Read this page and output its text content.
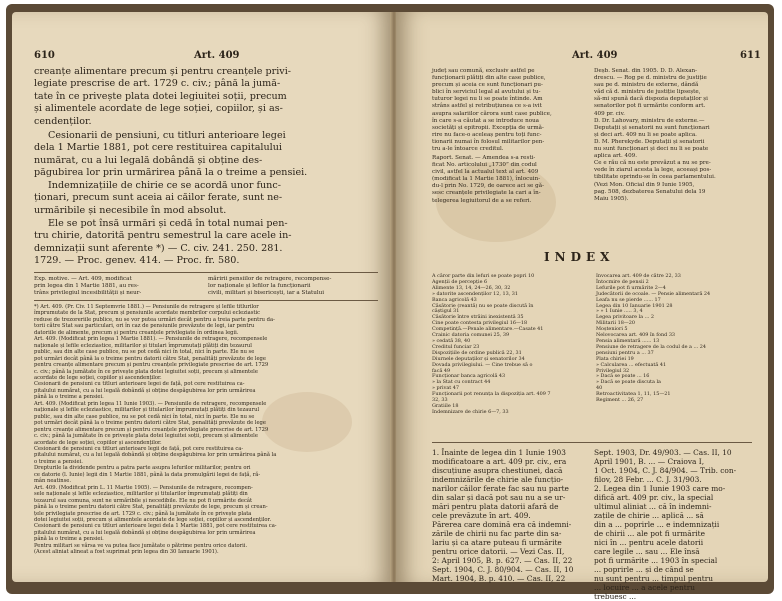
610	Art. 409
creanțe alimentare precum și pentru creanțele privi-
legiate prescrise de art. 1729 c. civ.; până la jumă-
tate în ce privește plata dotei legiuitei soții, precum
și alimentele acordate de lege soției, copiilor, și as-
cendenților.
Cesionarii de pensiuni, cu titluri anterioare legei
dela 1 Martie 1881, pot cere restituirea capitalului
numărat, cu a lui legală dobândă și obține des-
păgubirea lor prin urmărirea până la o treime a pensiei.
Indemnizațiile de chirie ce se acordă unor func-
ționari, precum sunt aceia ai căilor ferate, sunt ne-
urmăribile și necesibile în mod absolut.
Ele se pot însă urmări și cedă în total numai pen-
tru chirie, datorită pentru semestrul la care acele in-
demnizații sunt aferente *) — C. civ. 241. 250. 281.
1729. — Proc. genev. 414. — Proc. fr. 580.
Exp. motive. — Art. 409, modificat
prin legea din 1 Martie 1881, au res-
trâns privilegiul incesibilității și neur-
măririi pensiilor de retragere, recompense-
lor naționale și lefilor la funcționarii
civili, militari și bisericești, iar a Statului
*) Art. 409. (Pr. Civ. 11 Septemvrie 1881.) — Pensiunile de retragere și lefile titlurilor
împrumutate de la Stat, precum și pensiunile acordate membrilor corpului ecleziastic
reduse de trezoreriile publice, nu se vor putea urmări decât pentru a treia parte pentru da-
torii către Stat sau particulari, ori în caz de pensiunile prevăzute de legi, iar pentru
datoriile de alimente, precum și pentru creanțele privilegiate în ordinea legii.
Art. 409. (Modificat prin legea 1 Martie 1881). — Pensiunile de retragere, recompensele
naționale și lefile ecleziastice, militarilor și titulari împrumutați plătiți din tezaurul
public, sau din alte case publice, nu se pot cedă nici în total, nici în parte. Ele nu se
pot urmări decât până la o treime pentru datorii către Stat, penalități prevăzute de lege
pentru creanțe alimentare precum și pentru creanțele privilegiate prescrise de art. 1729
c. civ.; până la jumătate în ce privește plata dotei legiuitei soții, precum și alimentele
acordate de lege soției, copiilor și ascendenților.
Cesionarii de pensiuni cu titluri anterioare legei de față, pot cere restituirea ca-
pitalului numărat, cu a lui legală dobândă și obține despăgubirea lor prin urmărirea
până la o treime a pensiei.
Art. 409. (Modificat prin legea 11 Iunie 1903). — Pensiunile de retragere, recompensele
naționale și lefile ecleziastice, militarilor și titularilor împrumutați plătiți din tezaurul
public, sau din alte case publice, nu se pot cedă nici în total, nici în parte. Ele nu se
pot urmări decât până la o treime pentru datorii către Stat, penalități prevăzute de lege
pentru creanțe alimentare precum și pentru creanțele privilegiate prescrise de art. 1729
c. civ.; până la jumătate în ce privește plata dotei legiuitei soții, precum și alimentele
acordate de lege soției, copiilor și ascendenților.
Cesionarii de pensiuni cu titluri anterioare legii de față, pot cere restituirea ca-
pitalului numărat, cu a lui legală dobândă și obține despăgubirea lor prin urmărirea până la
o treime a pensiei.
Drepturile la dividende pentru a patra parte asupra lefurilor militarilor, pentru ori
ce datorie (l. Iunie) legii din 1 Martie 1881, până la data promulgării legei de față, ră-
mân neatinse.
Art. 409. (Modificat prin L. 11 Martie 1905). — Pensiunile de retragere, recompen-
sele naționale și lefile ecleziastice, militarilor și titularilor împrumutați plătiți din
tezaurul sau comuna, sunt ne urmăribile și necedibile. Ele nu pot fi urmărite decât
până la o treime pentru datorii către Stat, penalități prevăzute de lege, precum și crean-
țele privilegiate prescrise de art. 1729 c. civ.; până la jumătate în ce privește plata
dotei legiuitei soții, precum și alimentele acordate de lege soției, copiilor și ascendenților.
Cesionarii de pensiuni cu titluri anterioare legei dela 1 Martie 1881, pot cere restituirea ca-
pitalului numărat, cu a lui legală dobândă și obține despăgubirea lor prin urmărirea
până la o treime a pensiei.
Pentru militari se vărsa ve va putea face jumătate o pătrime pentru orice datorii.
(Acest aliniat alineat a fost suprimat prin legea din 30 Ianuarie 1901).
Art. 409	611
județ sau comună, exclusiv astfel pe
funcționarii plătiți din alte case publice,
precum și aceia ce sunt funcționari pu-
blici în serviciul legal al avutului și tu-
tuturor legei nu li se poate întinde. Am
strâns astfel și retribuțiunea ce s-a ivit
asupra salariilor cărora sunt case publice,
în care s-a căutat a se introduce noua
societăți și epitropii. Excepția de urmă-
rire nu face-o aceleaș pentru toți func-
tionarii numai în folosul militarilor pen-
tru a-le întoarce creditul.
Raport. Senat. — Amendea s-a resti-
ficat No. articolului „1730” din codul
civil, astfel la actualul text al art. 409
(modificat la 1 Martie 1881), înlocuin-
du-l prin No. 1729, de oarece aci se gă-
sesc creanțele privilegiate la cari a în-
telegerea legiuitorul de a se referi.
Deșb. Senat. din 1905. D. D. Alexan-
drescu. — Rog pe d. ministru de justiție
sau pe d. ministru de externe, dândă
văd că d. ministru de justiție lipsește,
să-mi spună dacă dispozia deputaților și
senatorilor pot fi urmărite conform art.
409 pr. civ.
D. Dr. Lahovary, ministru de externe.—
Deputații și senatorii nu sunt funcționari
și deci art. 409 nu li se poate aplica.
D. M. Pherekyde. Deputații și senatorii
nu sunt funcționari și deci nu li se poate
aplica art. 409.
Ce e rău că nu este prevăzut a nu se pre-
vede în ziarul acesta la lege, aceeași pos-
tibilitate oprindu-se în ceea parlamentului.
(Vezi Mon. Oficial din 9 Iunie 1905,
pag. 508, dezbaterea Senatului dela 19
Maiu 1905).
INDEX
A căror parte din lefuri se poate popri 10
Agenții de percepție 6
Alimente 13, 14, 24—26, 30, 32
» datorite ascendenților 12, 13, 31
Banca agricolă 43
Căsătorie (reantă) nu se poate discută în
câștigul 31
Căsătorie între străini inexistentă 35
Cine poate contesta privilegiul 16—18
Competință.—Penale alimentare.—Casate 41
Crainic datoria comunei 25, 39
» cedată 38, 40
Creditul funciar 23
Dispozițiile de ordine publică 22, 31
Diurnele deputaților și senatorilor 34
Dovada privilegiului. — Cine trebue să o
facă 49
Funcționar banca agricolă 43
» la Stat cu contract 44
» privat 47
Funcționarii pot renunța la dispoziția art. 409 7
32, 33
Gratiile 18
Indemnizare de chirie 6—7, 33
Invocarea art. 409 de către 22, 33
Întocmire de pensii 2
Lefurile pot fi urmărite 2—4
Judecătorii de ocoale. — Pensie alimentară 24
Leafa nu se pierde ...... 17
Legea din 10 Ianuarie 1901 28
» » 1 Iunie ..... 3, 4
Legea privitoare la ... 2
Militarii 18—20
Moșteniori 5
Nelovocarea art. 409 în fond 33
Pensia alimentară ...... 13
Pensiune de retragere de la codul de a ... 24
pensiuni pentru a ... 37
Plata chiriei 19
» Calcularea ... efectuată 41
Privilegiul 32
» Dacă se poate ... 16
» Dacă se poate discuta la
40
Retroactivitatea 1, 11, 15—21
Regiment ... 26, 27
1. Înainte de legea din 1 Iunie 1903
modificatoare a art. 409 pr. civ., era
discuțiune asupra chestiunei, dacă
indemnizările de chirie ale funcțio-
narilor căilor ferate fac sau nu parte
din salar și dacă pot sau nu a se ur-
mări pentru plata datorii afară de
cele prevăzute în art. 409.
Părerea care domină era că indemni-
zările de chirii nu fac parte din sa-
lariu și ca atare puteau fi urmărite
pentru orice datorii. — Vezi Cas. II,
2: April 1905, B. p. 627. — Cas. II, 22
Sept. 1904, C. J. 80/904. — Cas. II, 10
Mart. 1904, B. p. 410. — Cas. II, 22
Sept. 1903, Dr. 49/903. — Cas. II, 10
April 1901, B. ... — Craiova I,
1 Oct. 1904, C. J. 84/904. — Trib. con-
filov, 28 Febr. ... C. J. 31/903.
2. Legea din 1 Iunie 1903 care mo-
difică art. 409 pr. civ., la special
ultimul aliniat ... că în indemni-
zațile de chirie ... aplică ... să
din a ... poprirle ... e indemnizații
de chirii ... ale pot fi urmărite
nici în ... pentru acele datorii
care legile ... sau ... Ele însă
pot fi urmărite ... 1903 în special
... poprirle ... și de când se
nu sunt pentru ... timpul pentru
... locuire ... a acele pentru
trebuesc ...
